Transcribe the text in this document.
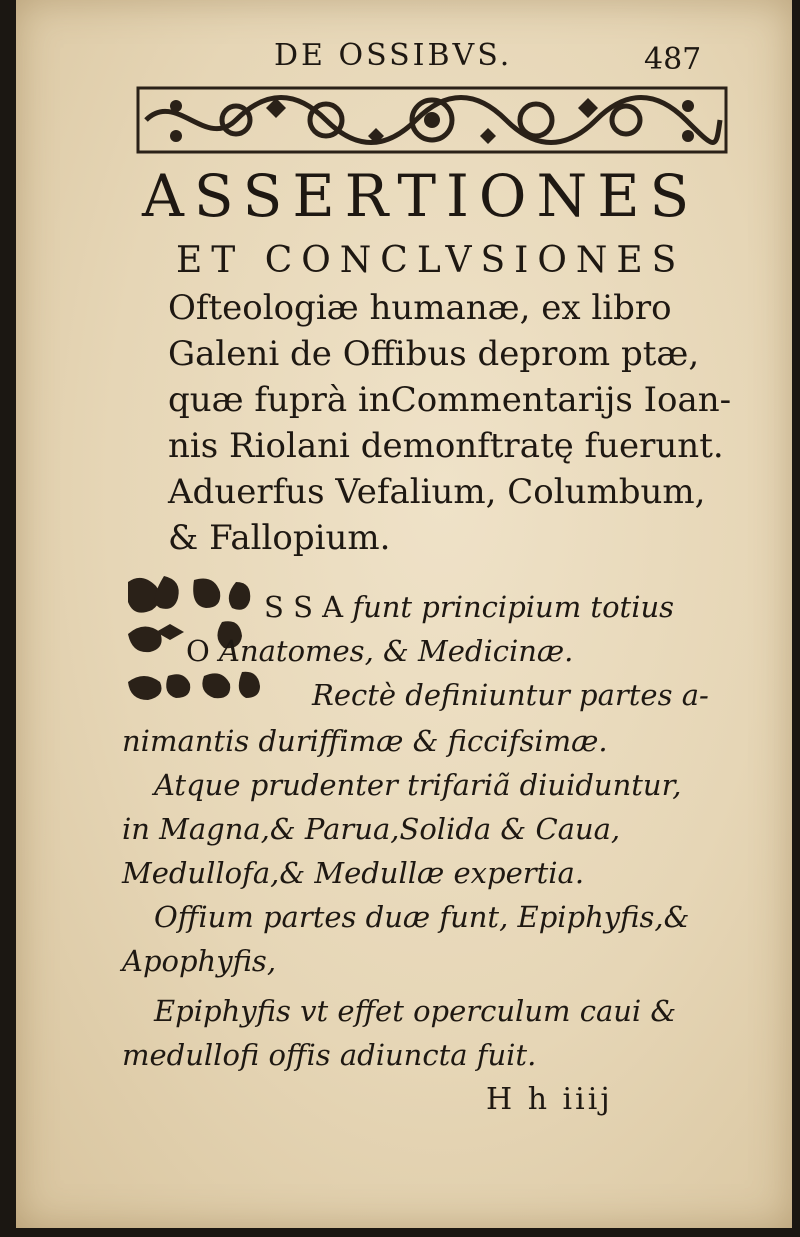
DE OSSIBVS.	487
ASSERTIONES
ET CONCLVSIONES
Ofteologiæ humanæ, ex libro
Galeni de Offibus deprom ptæ,
quæ fuprà inCommentarijs Ioan-
nis Riolani demonftratę fuerunt.
Aduerfus Vefalium, Columbum,
& Fallopium.
S S A funt principium totius
O Anatomes, & Medicinæ.
Rectè definiuntur partes a-
nimantis duriffimæ & ficcifsimæ.
Atque prudenter trifariã diuiduntur,
in Magna,& Parua,Solida & Caua,
Medullofa,& Medullæ expertia.
Offium partes duæ funt, Epiphyfis,&
Apophyfis,
Epiphyfis vt effet operculum caui &
medullofi offis adiuncta fuit.
H h iiij
